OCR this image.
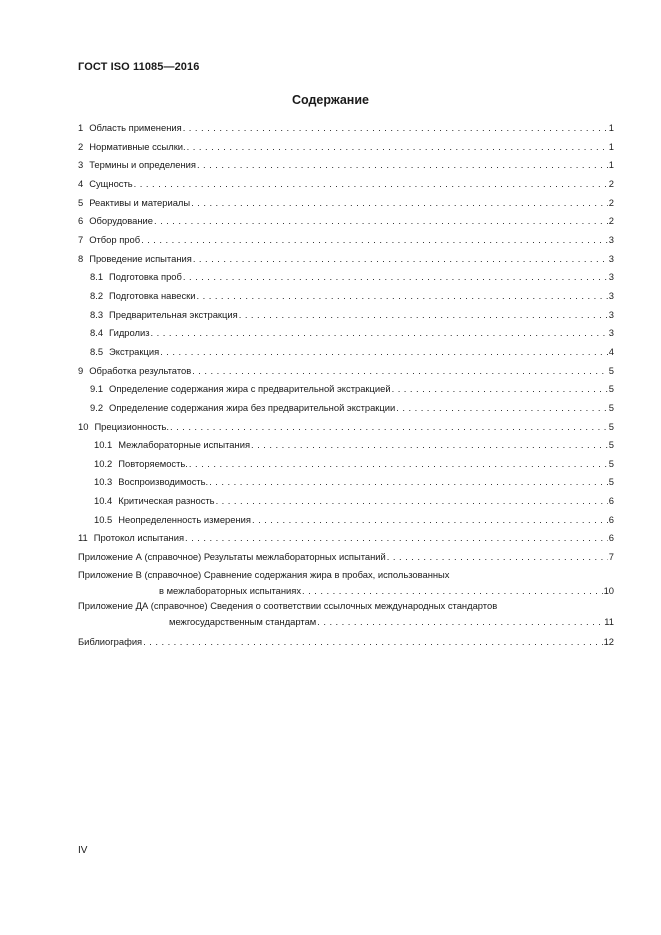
ГОСТ ISO 11085—2016
Содержание
1 Область применения . . .	1
2 Нормативные ссылки. . . .	1
3 Термины и определения . . .	1
4 Сущность . . .	2
5 Реактивы и материалы . . .	2
6 Оборудование . . .	2
7 Отбор проб . . .	3
8 Проведение испытания . . .	3
8.1 Подготовка проб . . .	3
8.2 Подготовка навески . . .	3
8.3 Предварительная экстракция . . .	3
8.4 Гидролиз . . .	3
8.5 Экстракция . . .	4
9 Обработка результатов . . .	5
9.1 Определение содержания жира с предварительной экстракцией . . .	5
9.2 Определение содержания жира без предварительной экстракции . . .	5
10 Прецизионность. . . .	5
10.1 Межлабораторные испытания . . .	5
10.2 Повторяемость. . . .	5
10.3 Воспроизводимость. . . .	5
10.4 Критическая разность . . .	6
10.5 Неопределенность измерения . . .	6
11 Протокол испытания . . .	6
Приложение А (справочное) Результаты межлабораторных испытаний . . .	7
Приложение В (справочное) Сравнение содержания жира в пробах, использованных
в межлабораторных испытаниях . . .	10
Приложение ДА (справочное) Сведения о соответствии ссылочных международных стандартов
межгосударственным стандартам . . .	11
Библиография . . .	12
IV
